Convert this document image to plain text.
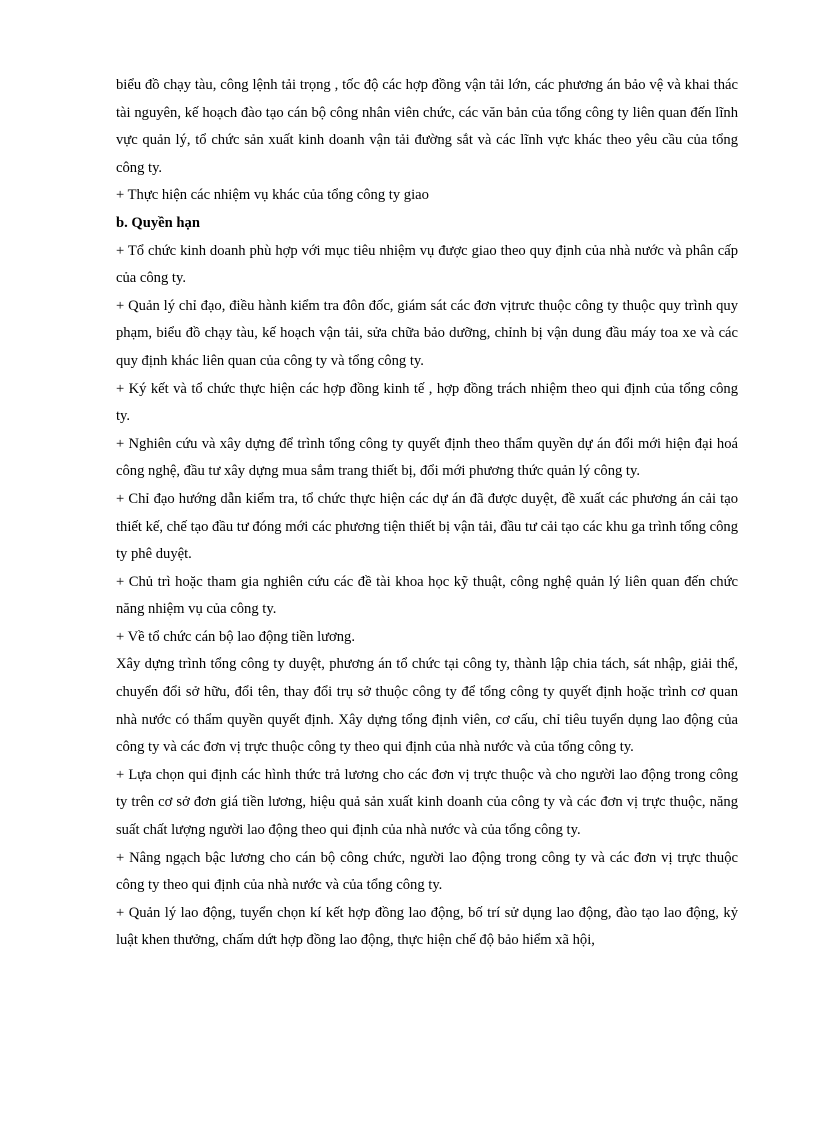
biểu đồ chạy tàu, công lệnh tải trọng , tốc độ các hợp đồng vận tải lớn, các phương án bảo vệ và khai thác tài nguyên, kế hoạch đào tạo cán bộ công nhân viên chức, các văn bản của tổng công ty liên quan đến lĩnh vực quản lý, tổ chức sản xuất kinh doanh vận tải đường sắt và các lĩnh vực khác theo yêu cầu của tổng công ty.

+ Thực hiện các nhiệm vụ khác của tổng công ty giao

b. Quyền hạn

+ Tổ chức kinh doanh phù hợp với mục tiêu nhiệm vụ được giao theo quy định của nhà nước và phân cấp của công ty.

+ Quản lý chỉ đạo, điều hành kiểm tra đôn đốc, giám sát các đơn vịtrưc thuộc công ty thuộc quy trình quy phạm, biểu đồ chạy tàu, kế hoạch vận tải, sửa chữa bảo dưỡng, chỉnh bị vận dung đầu máy toa xe và các quy định khác liên quan của công ty và tổng công ty.

+ Ký kết và tổ chức thực hiện các hợp đồng kinh tế , hợp đồng trách nhiệm theo qui định của tổng công ty.

+ Nghiên cứu và xây dựng để trình tổng công ty quyết định theo thẩm quyền dự án đổi mới hiện đại hoá công nghệ, đầu tư xây dựng mua sắm trang thiết bị, đổi mới phương thức quản lý công ty.

+ Chỉ đạo hướng dẫn kiểm tra, tổ chức thực hiện các dự án đã được duyệt, đề xuất các phương án cải tạo thiết kế, chế tạo đầu tư đóng mới các phương tiện thiết bị vận tải, đầu tư cải tạo các khu ga trình tổng công ty phê duyệt.

+ Chủ trì hoặc tham gia nghiên cứu các đề tài khoa học kỹ thuật, công nghệ quản lý liên quan đến chức năng nhiệm vụ của công ty.

+ Về tổ chức cán bộ lao động tiền lương.

Xây dựng trình tổng công ty duyệt, phương án tổ chức tại công ty, thành lập chia tách, sát nhập, giải thể, chuyển đổi sở hữu, đổi tên, thay đổi trụ sở thuộc công ty để tổng công ty quyết định hoặc trình cơ quan nhà nước có thẩm quyền quyết định. Xây dựng tổng định viên, cơ cấu, chỉ tiêu tuyển dụng lao động của công ty và các đơn vị trực thuộc công ty theo qui định của nhà nước và của tổng công ty.

+ Lựa chọn qui định các hình thức trả lương cho các đơn vị trực thuộc và cho người lao động trong công ty trên cơ sở đơn giá tiền lương, hiệu quả sản xuất kinh doanh của công ty và các đơn vị trực thuộc, năng suất chất lượng người lao động theo qui định của nhà nước và của tổng công ty.

+ Nâng ngạch bậc lương cho cán bộ công chức, người lao động trong công ty và các đơn vị trực thuộc công ty theo qui định của nhà nước và của tổng công ty.

+ Quản lý lao động, tuyển chọn kí kết hợp đồng lao động, bố trí sử dụng lao động, đào tạo lao động, kỷ luật khen thưởng, chấm dứt hợp đồng lao động, thực hiện chế độ bảo hiểm xã hội,
